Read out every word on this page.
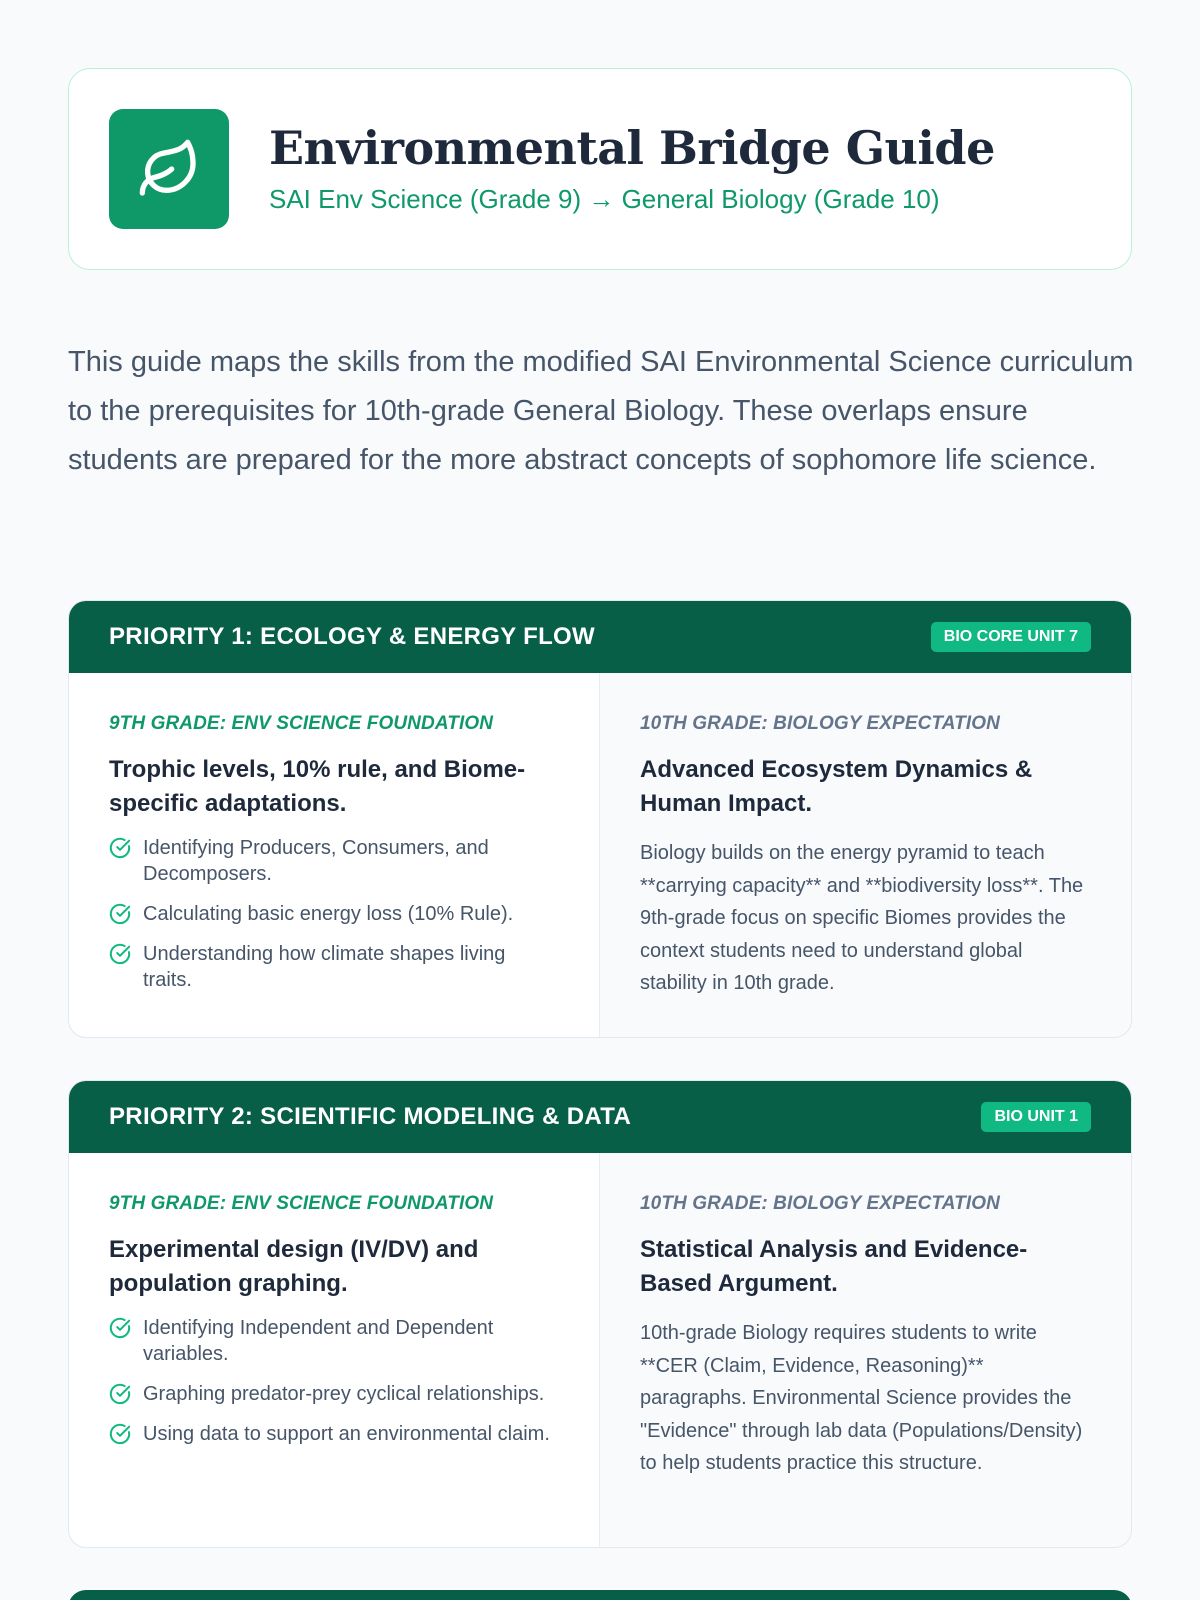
Environmental Bridge Guide
SAI Env Science (Grade 9) → General Biology (Grade 10)

This guide maps the skills from the modified SAI Environmental Science curriculum to the prerequisites for 10th-grade General Biology. These overlaps ensure students are prepared for the more abstract concepts of sophomore life science.

PRIORITY 1: ECOLOGY & ENERGY FLOW	BIO CORE UNIT 7
9TH GRADE: ENV SCIENCE FOUNDATION
Trophic levels, 10% rule, and Biome-specific adaptations.
Identifying Producers, Consumers, and Decomposers.
Calculating basic energy loss (10% Rule).
Understanding how climate shapes living traits.
10TH GRADE: BIOLOGY EXPECTATION
Advanced Ecosystem Dynamics & Human Impact.

Biology builds on the energy pyramid to teach **carrying capacity** and **biodiversity loss**. The 9th-grade focus on specific Biomes provides the context students need to understand global stability in 10th grade.

PRIORITY 2: SCIENTIFIC MODELING & DATA	BIO UNIT 1
9TH GRADE: ENV SCIENCE FOUNDATION
Experimental design (IV/DV) and population graphing.
Identifying Independent and Dependent variables.
Graphing predator-prey cyclical relationships.
Using data to support an environmental claim.
10TH GRADE: BIOLOGY EXPECTATION
Statistical Analysis and Evidence-Based Argument.

10th-grade Biology requires students to write **CER (Claim, Evidence, Reasoning)** paragraphs. Environmental Science provides the "Evidence" through lab data (Populations/Density) to help students practice this structure.
